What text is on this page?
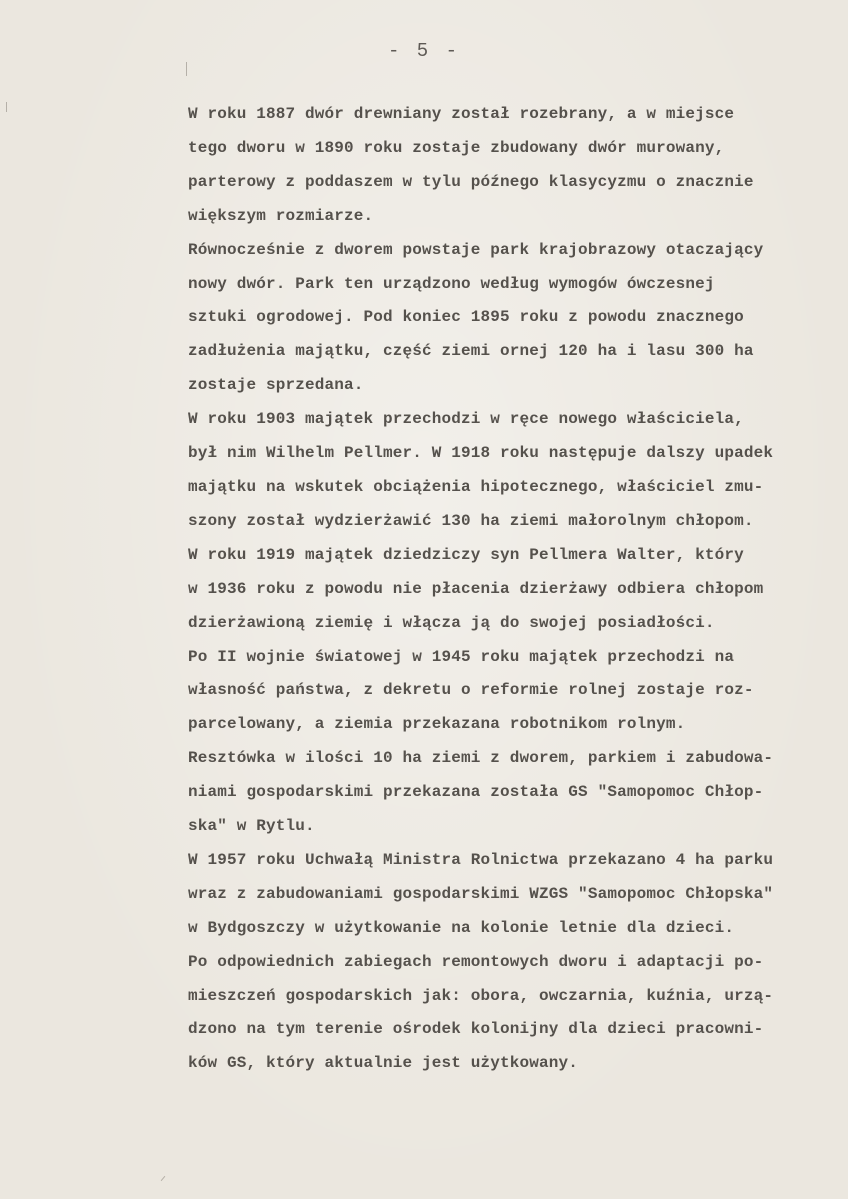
- 5 -
W roku 1887 dwór drewniany został rozebrany, a w miejsce
tego dworu w 1890 roku zostaje zbudowany dwór murowany,
parterowy z poddaszem w tylu późnego klasycyzmu o znacznie
większym rozmiarze.
Równocześnie z dworem powstaje park krajobrazowy otaczający
nowy dwór. Park ten urządzono według wymogów ówczesnej
sztuki ogrodowej. Pod koniec 1895 roku z powodu znacznego
zadłużenia majątku, część ziemi ornej 120 ha i lasu 300 ha
zostaje sprzedana.
W roku 1903 majątek przechodzi w ręce nowego właściciela,
był nim Wilhelm Pellmer. W 1918 roku następuje dalszy upadek
majątku na wskutek obciążenia hipotecznego, właściciel zmu-
szony został wydzierżawić 130 ha ziemi małorolnym chłopom.
W roku 1919 majątek dziedziczy syn Pellmera Walter, który
w 1936 roku z powodu nie płacenia dzierżawy odbiera chłopom
dzierżawioną ziemię i włącza ją do swojej posiadłości.
Po II wojnie światowej w 1945 roku majątek przechodzi na
własność państwa, z dekretu o reformie rolnej zostaje roz-
parcelowany, a ziemia przekazana robotnikom rolnym.
Resztówka w ilości 10 ha ziemi z dworem, parkiem i zabudowa-
niami gospodarskimi przekazana została GS "Samopomoc Chłop-
ska" w Rytlu.
W 1957 roku Uchwałą Ministra Rolnictwa przekazano 4 ha parku
wraz z zabudowaniami gospodarskimi WZGS "Samopomoc Chłopska"
w Bydgoszczy w użytkowanie na kolonie letnie dla dzieci.
Po odpowiednich zabiegach remontowych dworu i adaptacji po-
mieszczeń gospodarskich jak: obora, owczarnia, kuźnia, urzą-
dzono na tym terenie ośrodek kolonijny dla dzieci pracowni-
ków GS, który aktualnie jest użytkowany.
